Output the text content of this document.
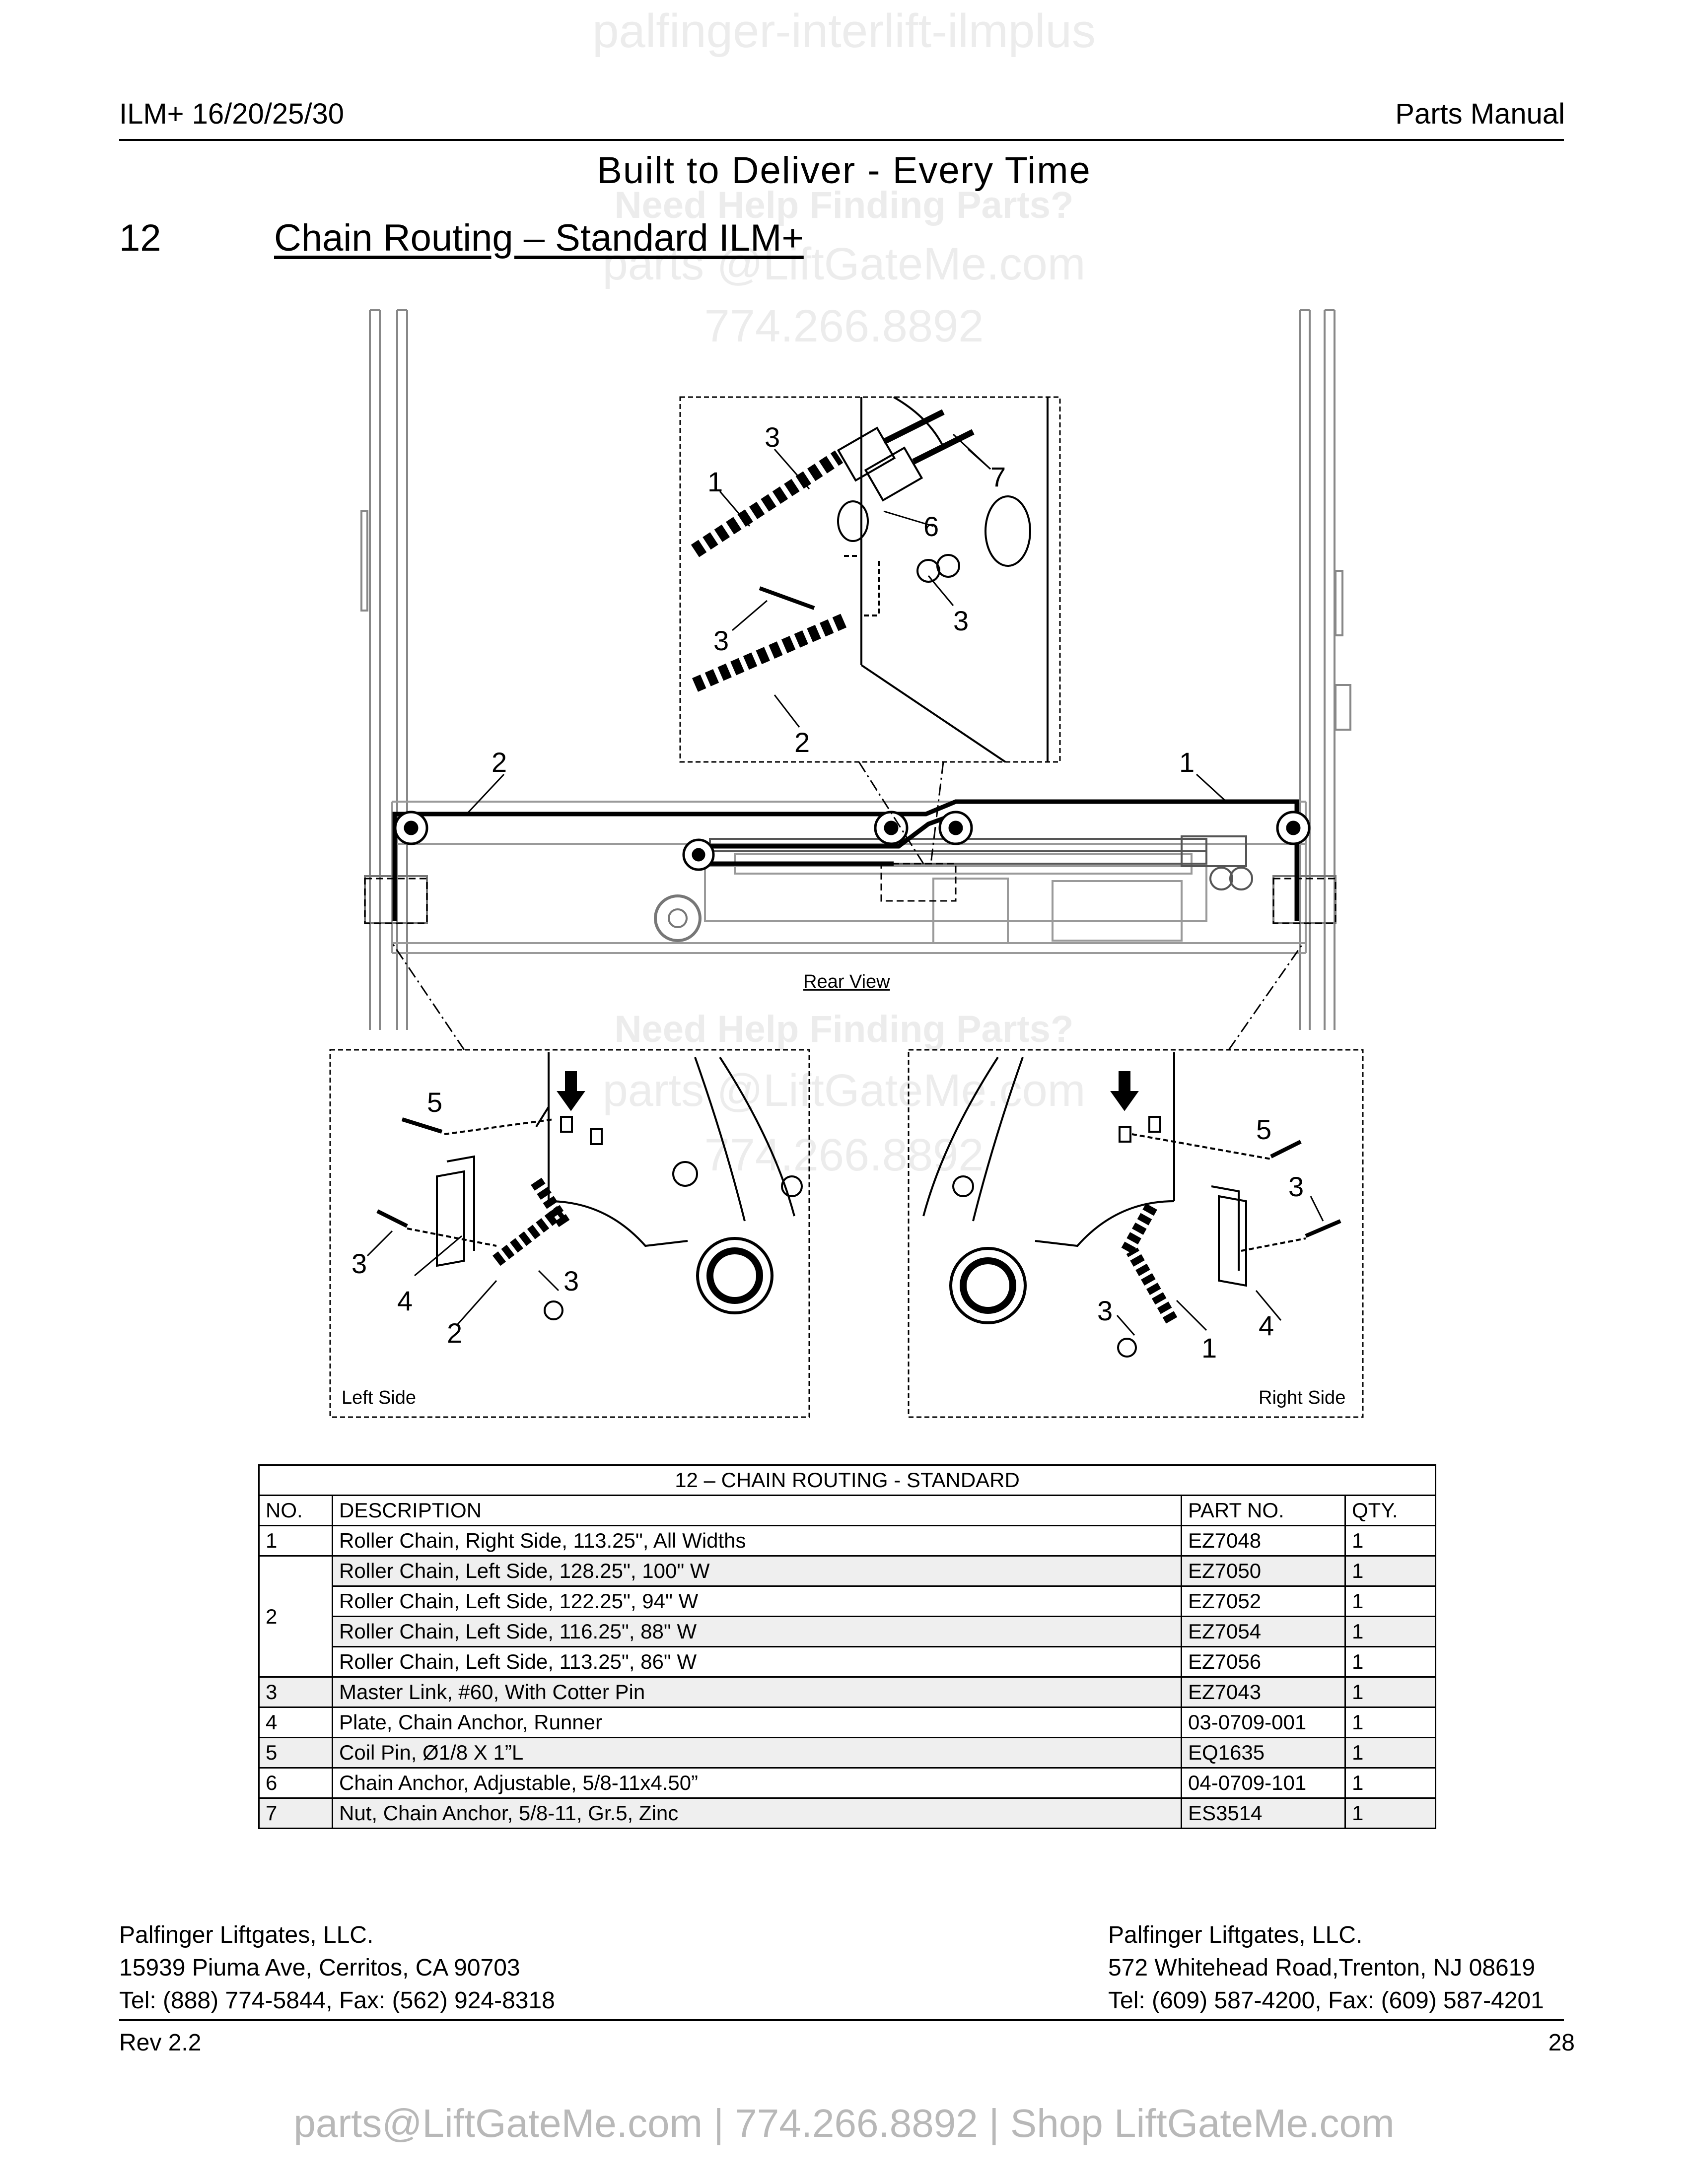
palfinger-interlift-ilmplus
Need Help Finding Parts?
parts @LiftGateMe.com
774.266.8892
Need Help Finding Parts?
parts @LiftGateMe.com
774.266.8892
ILM+ 16/20/25/30	Parts Manual
Built to Deliver - Every Time
12	Chain Routing – Standard ILM+
3
1	7
6
3
3
2
2	1
Rear View
5
3
4
2
3
Left Side
5
3
3	4
1
Right Side
12 – CHAIN ROUTING - STANDARD			
NO.	DESCRIPTION	PART NO.	QTY.
1	Roller Chain, Right Side, 113.25", All Widths	EZ7048	1
2	Roller Chain, Left Side, 128.25", 100" W	EZ7050	1
	Roller Chain, Left Side, 122.25", 94" W	EZ7052	1
	Roller Chain, Left Side, 116.25", 88" W	EZ7054	1
	Roller Chain, Left Side, 113.25", 86" W	EZ7056	1
3	Master Link, #60, With Cotter Pin	EZ7043	1
4	Plate, Chain Anchor, Runner	03-0709-001	1
5	Coil Pin, Ø1/8 X 1”L	EQ1635	1
6	Chain Anchor, Adjustable, 5/8-11x4.50”	04-0709-101	1
7	Nut, Chain Anchor, 5/8-11, Gr.5, Zinc	ES3514	1
Palfinger Liftgates, LLC.
15939 Piuma Ave, Cerritos, CA 90703
Tel: (888) 774-5844, Fax: (562) 924-8318
Palfinger Liftgates, LLC.
572 Whitehead Road,Trenton, NJ 08619
Tel: (609) 587-4200, Fax: (609) 587-4201
Rev 2.2	28
parts@LiftGateMe.com | 774.266.8892 | Shop LiftGateMe.com
